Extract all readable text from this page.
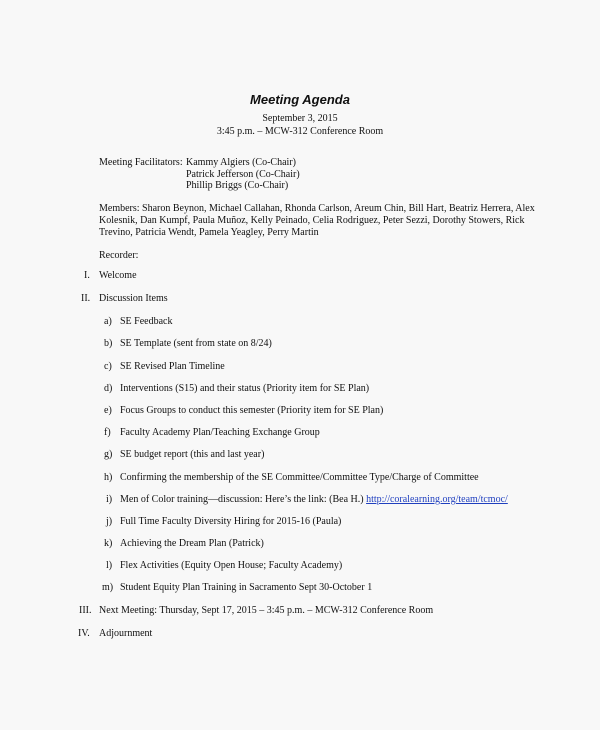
Meeting Agenda
September 3, 2015
3:45 p.m. – MCW-312 Conference Room
Meeting Facilitators: Kammy Algiers (Co-Chair)
Patrick Jefferson (Co-Chair)
Phillip Briggs (Co-Chair)
Members: Sharon Beynon, Michael Callahan, Rhonda Carlson, Areum Chin, Bill Hart, Beatriz Herrera, Alex
Kolesnik, Dan Kumpf, Paula Muñoz, Kelly Peinado, Celia Rodriguez, Peter Sezzi, Dorothy Stowers, Rick
Trevino, Patricia Wendt, Pamela Yeagley, Perry Martin
Recorder:
I. Welcome
II. Discussion Items
a) SE Feedback
b) SE Template (sent from state on 8/24)
c) SE Revised Plan Timeline
d) Interventions (S15) and their status (Priority item for SE Plan)
e) Focus Groups to conduct this semester (Priority item for SE Plan)
f) Faculty Academy Plan/Teaching Exchange Group
g) SE budget report (this and last year)
h) Confirming the membership of the SE Committee/Committee Type/Charge of Committee
i) Men of Color training—discussion: Here’s the link: (Bea H.) http://coralearning.org/team/tcmoc/
j) Full Time Faculty Diversity Hiring for 2015-16 (Paula)
k) Achieving the Dream Plan (Patrick)
l) Flex Activities (Equity Open House; Faculty Academy)
m) Student Equity Plan Training in Sacramento Sept 30-October 1
III. Next Meeting: Thursday, Sept 17, 2015 – 3:45 p.m. – MCW-312 Conference Room
IV. Adjournment
